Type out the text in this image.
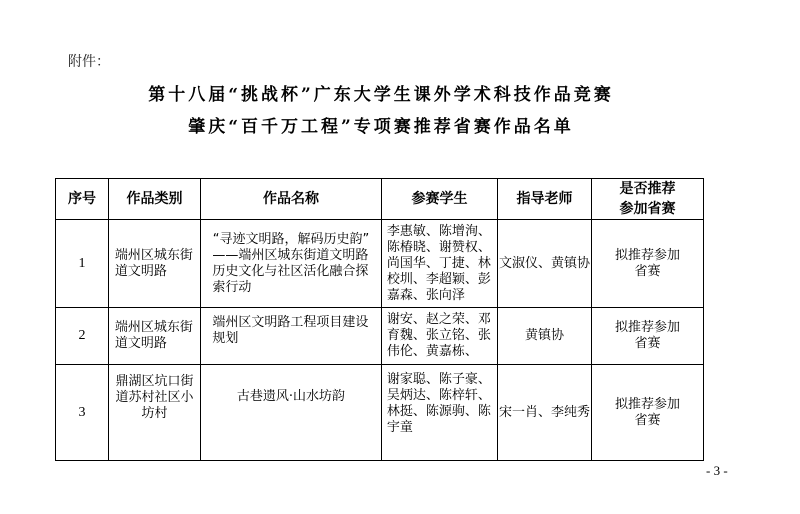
附件：
第十八届“挑战杯”广东大学生课外学术科技作品竞赛
肇庆“百千万工程”专项赛推荐省赛作品名单
序号	作品类别	作品名称	参赛学生	指导老师	是否推荐参加省赛

1	端州区城东街道文明路	“寻迹文明路，解码历史韵”
——端州区城东街道文明路历史文化与社区活化融合探索行动	李惠敏、陈增洵、陈椿晓、谢赞权、尚国华、丁捷、林校圳、李超颖、彭嘉森、张向泽	文淑仪、黄镇协	拟推荐参加省赛

2	端州区城东街道文明路	端州区文明路工程项目建设规划	谢安、赵之荣、邓育魏、张立铭、张伟伦、黄嘉栋、	黄镇协	拟推荐参加省赛

3	鼎湖区坑口街道苏村社区小坊村	古巷遗风·山水坊韵	谢家聪、陈子豪、吴炳达、陈梓轩、林挺、陈源驹、陈宇童	宋一肖、李纯秀	拟推荐参加省赛
- 3 -
